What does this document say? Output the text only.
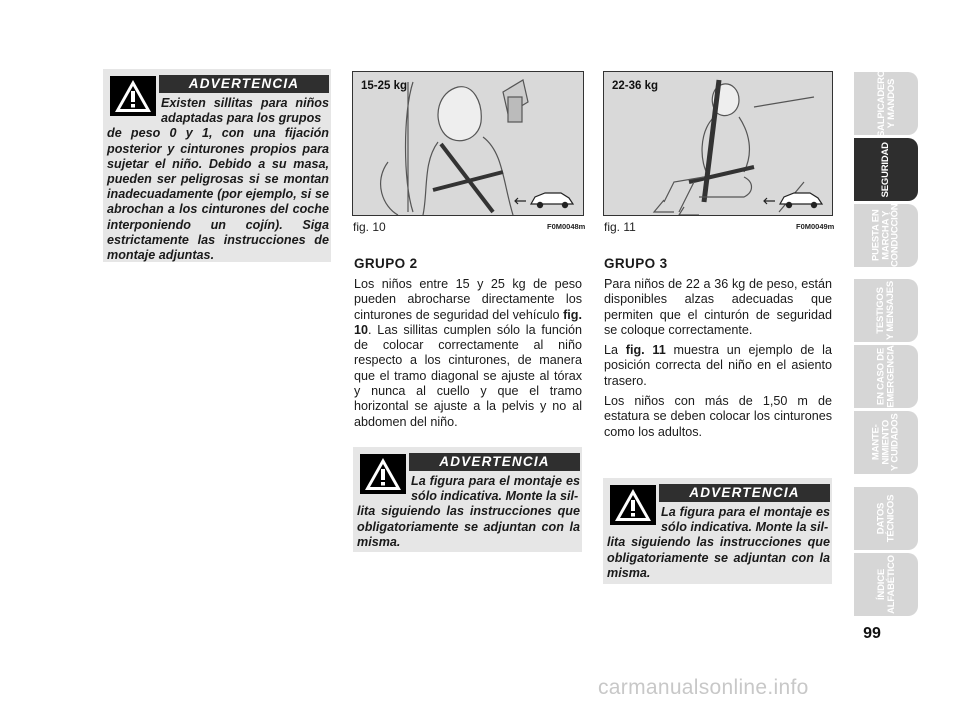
ADVERTENCIA

Existen sillitas para niños adaptadas para los grupos
de peso 0 y 1, con una fijación posterior y cinturones propios para sujetar el niño. Debido a su masa, pueden ser peligrosas si se montan inadecuadamente (por ejemplo, si se abrochan a los cinturones del coche interponiendo un cojín). Siga estrictamente las instrucciones de montaje adjuntas.

15-25 kg
fig. 10	F0M0048m
22-36 kg
fig. 11	F0M0049m
GRUPO 2

Los niños entre 15 y 25 kg de peso pueden abrocharse directamente los cinturones de seguridad del vehículo fig. 10. Las sillitas cumplen sólo la función de colocar correctamente al niño respecto a los cinturones, de manera que el tramo diagonal se ajuste al tórax y nunca al cuello y que el tramo horizontal se ajuste a la pelvis y no al abdomen del niño.

GRUPO 3

Para niños de 22 a 36 kg de peso, están disponibles alzas adecuadas que permiten que el cinturón de seguridad se coloque correctamente.

La fig. 11 muestra un ejemplo de la posición correcta del niño en el asiento trasero.

Los niños con más de 1,50 m de estatura se deben colocar los cinturones como los adultos.

ADVERTENCIA

La figura para el montaje es sólo indicativa. Monte la sil-
lita siguiendo las instrucciones que obligatoriamente se adjuntan con la misma.

ADVERTENCIA

La figura para el montaje es sólo indicativa. Monte la sil-
lita siguiendo las instrucciones que obligatoriamente se adjuntan con la misma.

SALPICADERO
Y MANDOS
SEGURIDAD
PUESTA EN
MARCHA Y
CONDUCCIÓN
TESTIGOS
Y MENSAJES
EN CASO DE
EMERGENCIA
MANTE-
NIMIENTO
Y CUIDADOS
DATOS
TÉCNICOS
ÍNDICE
ALFABÉTICO
99
carmanualsonline.info
